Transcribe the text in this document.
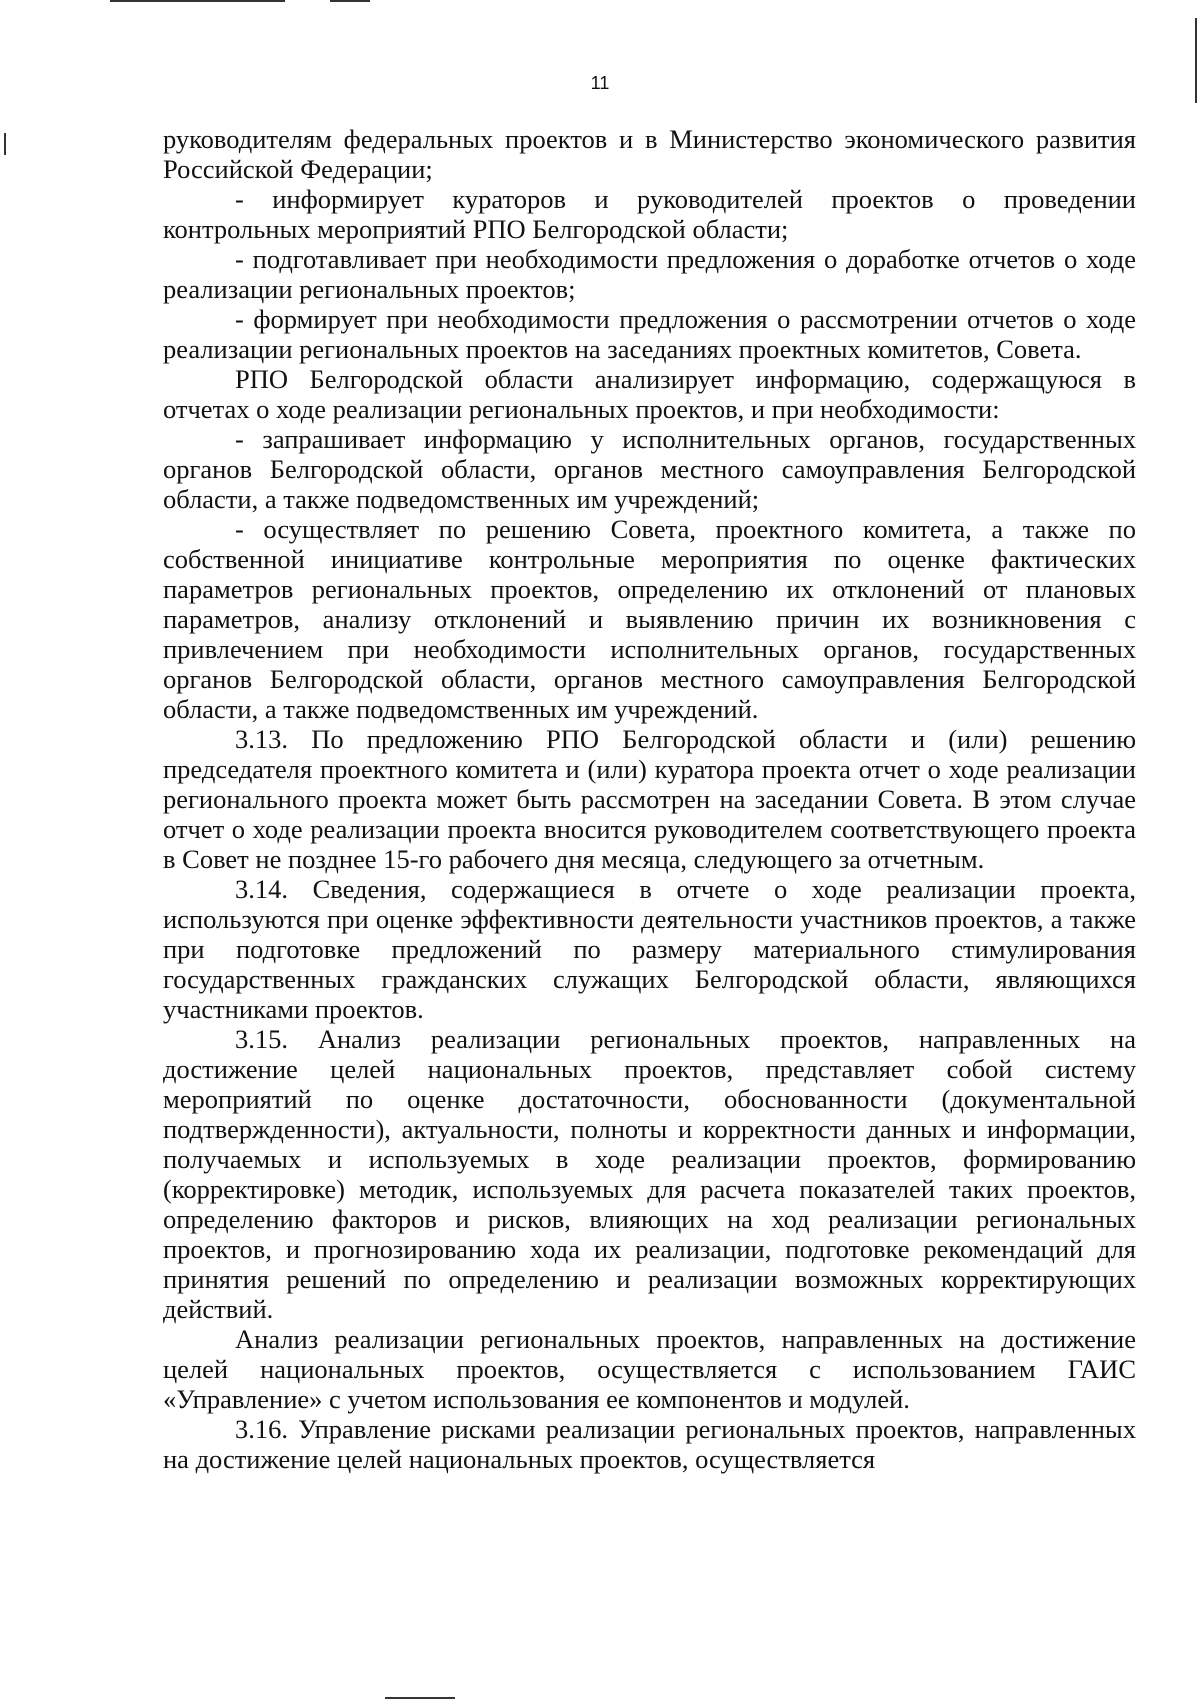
11

руководителям федеральных проектов и в Министерство экономического развития Российской Федерации;

- информирует кураторов и руководителей проектов о проведении контрольных мероприятий РПО Белгородской области;

- подготавливает при необходимости предложения о доработке отчетов о ходе реализации региональных проектов;

- формирует при необходимости предложения о рассмотрении отчетов о ходе реализации региональных проектов на заседаниях проектных комитетов, Совета.

РПО Белгородской области анализирует информацию, содержащуюся в отчетах о ходе реализации региональных проектов, и при необходимости:

- запрашивает информацию у исполнительных органов, государственных органов Белгородской области, органов местного самоуправления Белгородской области, а также подведомственных им учреждений;

- осуществляет по решению Совета, проектного комитета, а также по собственной инициативе контрольные мероприятия по оценке фактических параметров региональных проектов, определению их отклонений от плановых параметров, анализу отклонений и выявлению причин их возникновения с привлечением при необходимости исполнительных органов, государственных органов Белгородской области, органов местного самоуправления Белгородской области, а также подведомственных им учреждений.

3.13. По предложению РПО Белгородской области и (или) решению председателя проектного комитета и (или) куратора проекта отчет о ходе реализации регионального проекта может быть рассмотрен на заседании Совета. В этом случае отчет о ходе реализации проекта вносится руководителем соответствующего проекта в Совет не позднее 15-го рабочего дня месяца, следующего за отчетным.

3.14. Сведения, содержащиеся в отчете о ходе реализации проекта, используются при оценке эффективности деятельности участников проектов, а также при подготовке предложений по размеру материального стимулирования государственных гражданских служащих Белгородской области, являющихся участниками проектов.

3.15. Анализ реализации региональных проектов, направленных на достижение целей национальных проектов, представляет собой систему мероприятий по оценке достаточности, обоснованности (документальной подтвержденности), актуальности, полноты и корректности данных и информации, получаемых и используемых в ходе реализации проектов, формированию (корректировке) методик, используемых для расчета показателей таких проектов, определению факторов и рисков, влияющих на ход реализации региональных проектов, и прогнозированию хода их реализации, подготовке рекомендаций для принятия решений по определению и реализации возможных корректирующих действий.

Анализ реализации региональных проектов, направленных на достижение целей национальных проектов, осуществляется с использованием ГАИС «Управление» с учетом использования ее компонентов и модулей.

3.16. Управление рисками реализации региональных проектов, направленных на достижение целей национальных проектов, осуществляется
